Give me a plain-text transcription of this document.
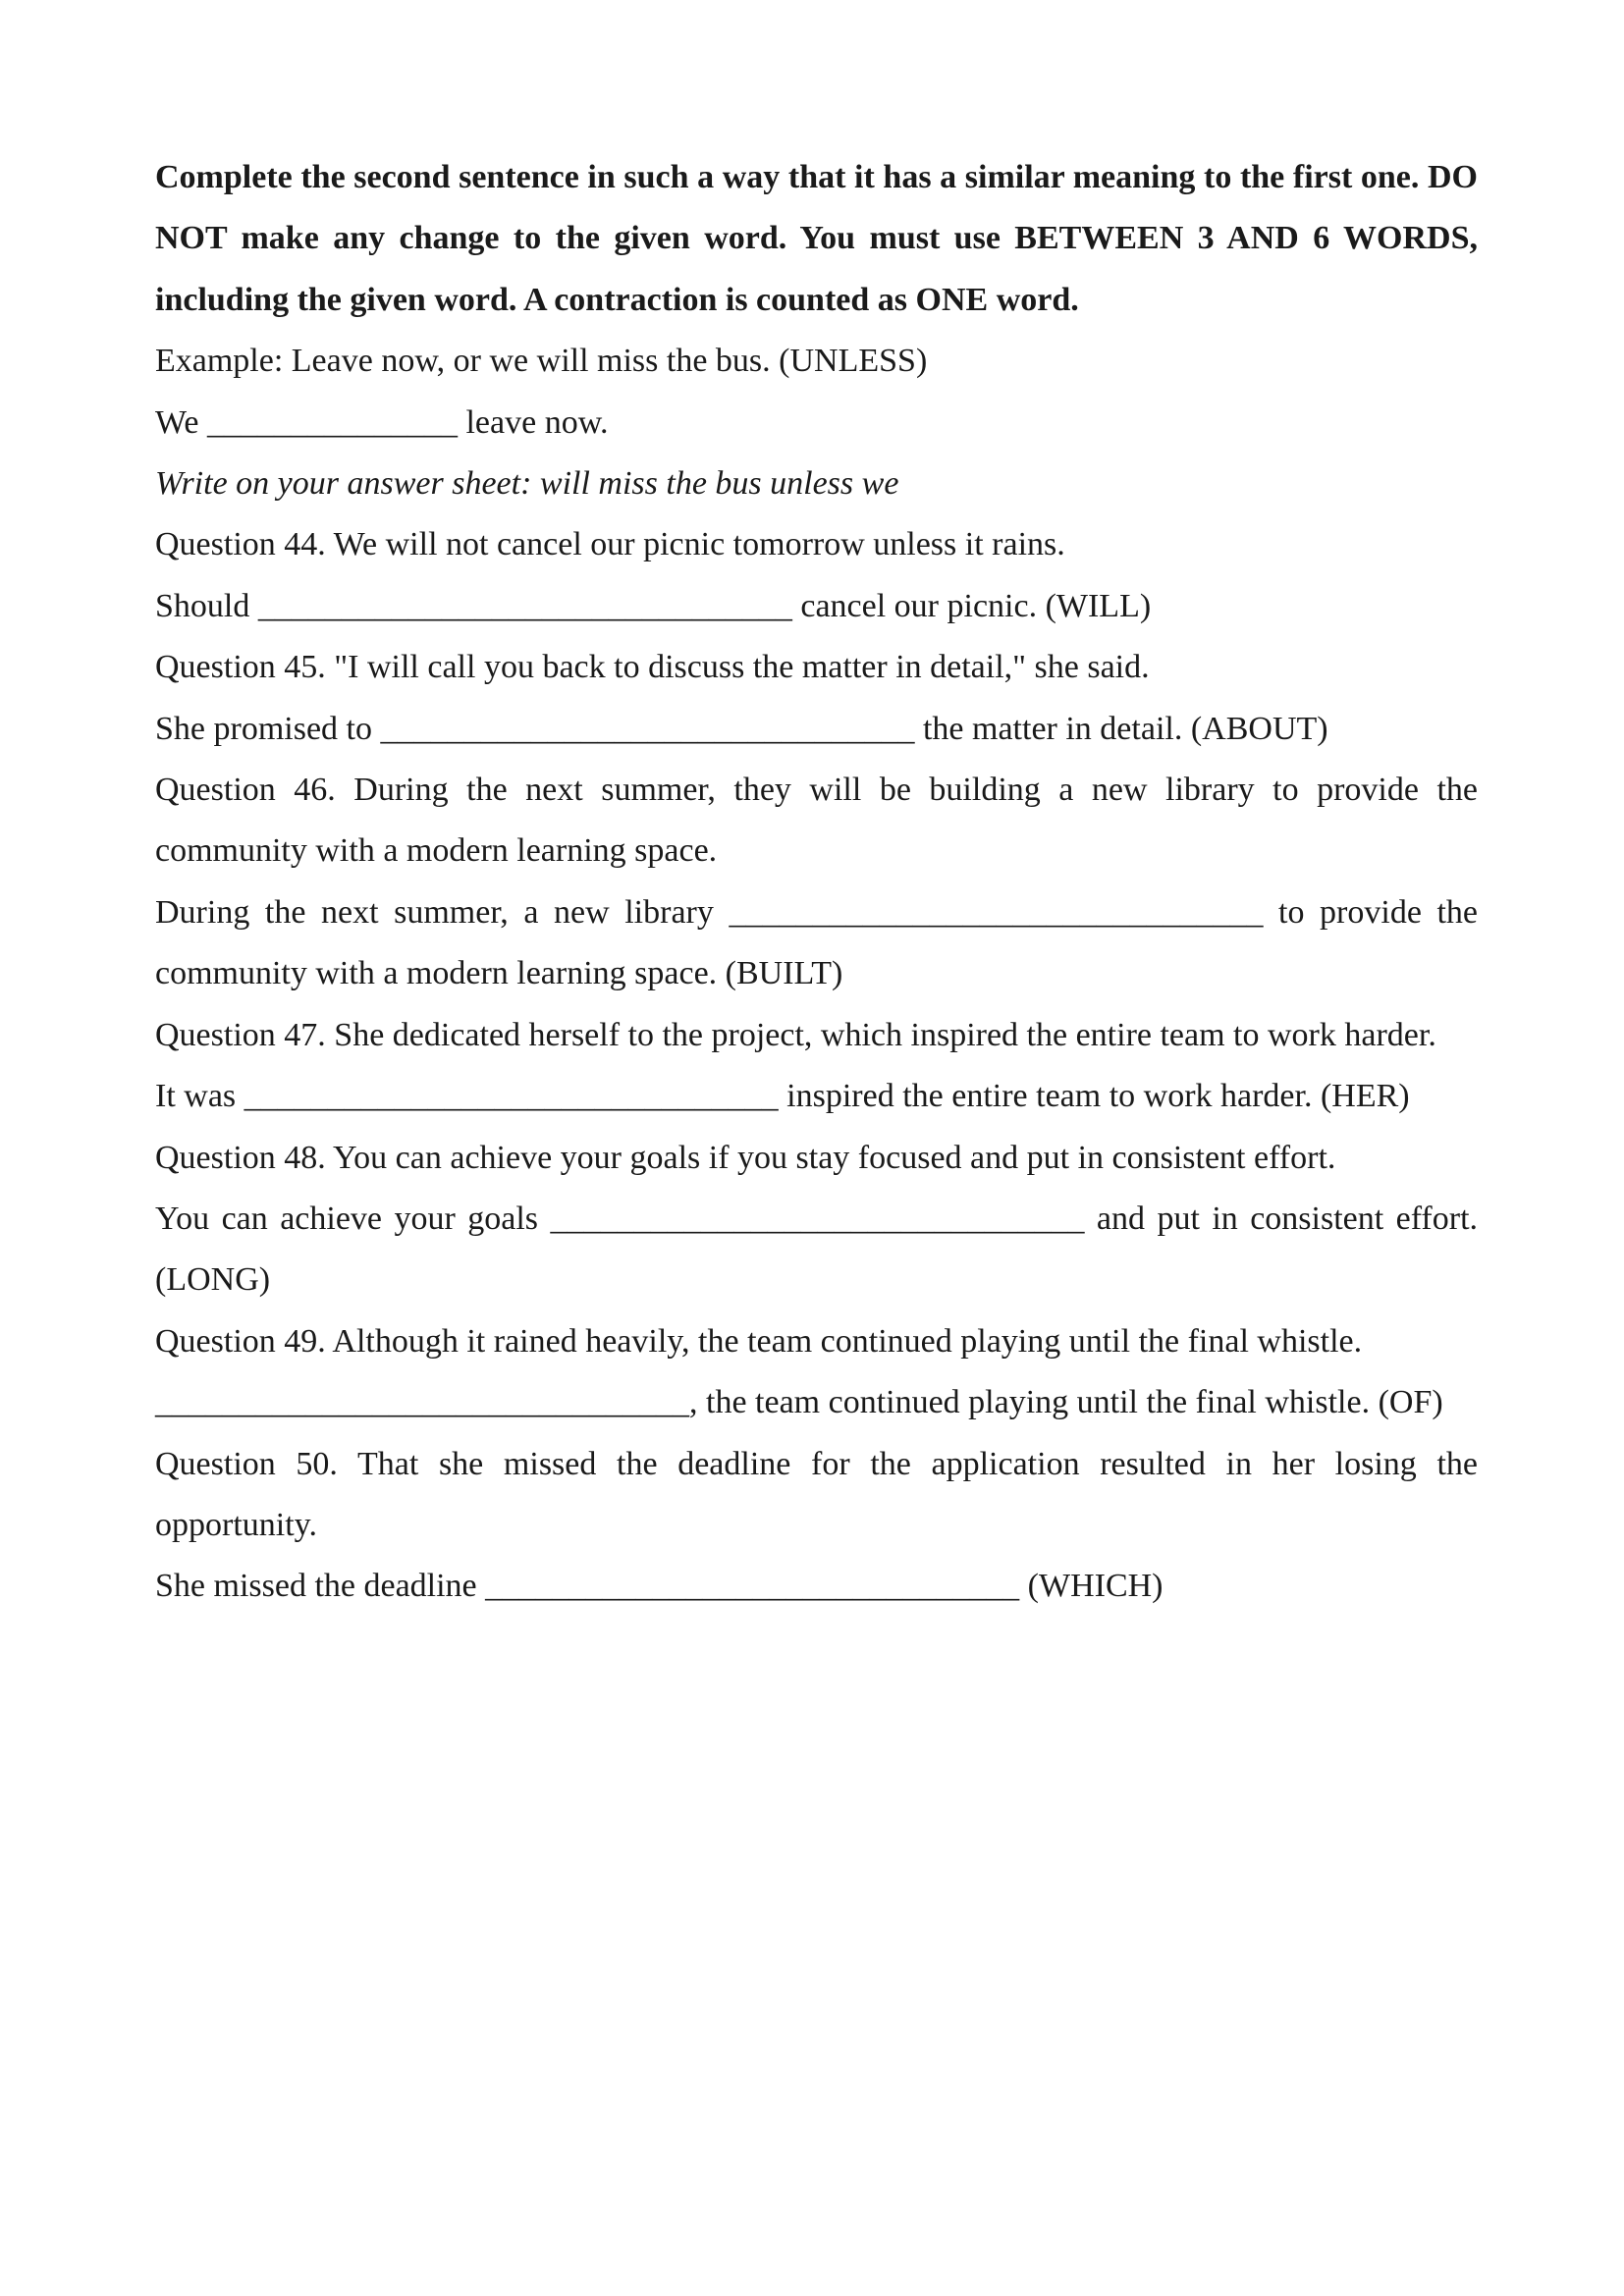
Complete the second sentence in such a way that it has a similar meaning to the first one. DO NOT make any change to the given word. You must use BETWEEN 3 AND 6 WORDS, including the given word. A contraction is counted as ONE word.

Example: Leave now, or we will miss the bus. (UNLESS)

We _______________ leave now.

Write on your answer sheet: will miss the bus unless we

Question 44. We will not cancel our picnic tomorrow unless it rains.

Should ________________________________ cancel our picnic. (WILL)

Question 45. "I will call you back to discuss the matter in detail," she said.

She promised to ________________________________ the matter in detail. (ABOUT)

Question 46. During the next summer, they will be building a new library to provide the community with a modern learning space.

During the next summer, a new library ________________________________ to provide the community with a modern learning space. (BUILT)

Question 47. She dedicated herself to the project, which inspired the entire team to work harder.

It was ________________________________ inspired the entire team to work harder. (HER)

Question 48. You can achieve your goals if you stay focused and put in consistent effort.

You can achieve your goals ________________________________ and put in consistent effort. (LONG)

Question 49. Although it rained heavily, the team continued playing until the final whistle.

________________________________, the team continued playing until the final whistle. (OF)

Question 50. That she missed the deadline for the application resulted in her losing the opportunity.

She missed the deadline ________________________________ (WHICH)
